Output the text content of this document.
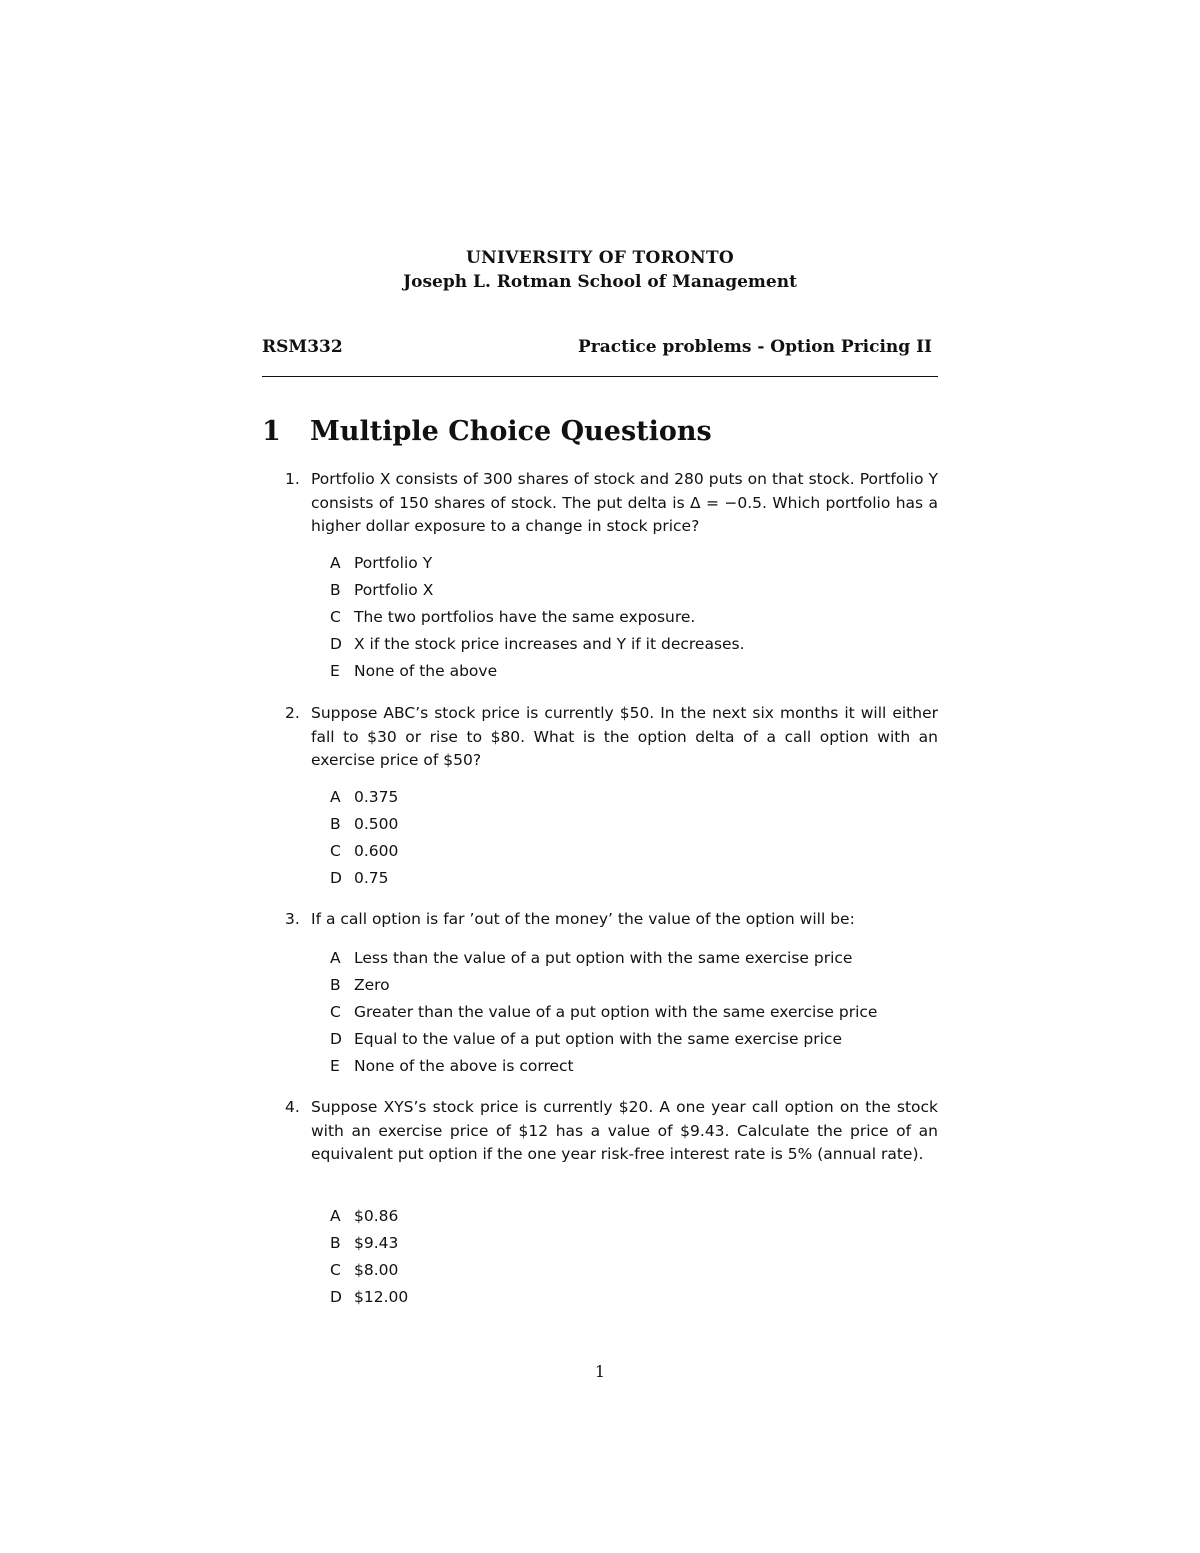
UNIVERSITY OF TORONTO
Joseph L. Rotman School of Management
RSM332	Practice problems - Option Pricing II
1 Multiple Choice Questions
1. Portfolio X consists of 300 shares of stock and 280 puts on that stock. Portfolio Y consists of 150 shares of stock. The put delta is Δ = −0.5. Which portfolio has a higher dollar exposure to a change in stock price?
A Portfolio Y
B Portfolio X
C The two portfolios have the same exposure.
D X if the stock price increases and Y if it decreases.
E None of the above
2. Suppose ABC’s stock price is currently $50. In the next six months it will either fall to $30 or rise to $80. What is the option delta of a call option with an exercise price of $50?
A 0.375
B 0.500
C 0.600
D 0.75
3. If a call option is far ’out of the money’ the value of the option will be:
A Less than the value of a put option with the same exercise price
B Zero
C Greater than the value of a put option with the same exercise price
D Equal to the value of a put option with the same exercise price
E None of the above is correct
4. Suppose XYS’s stock price is currently $20. A one year call option on the stock with an exercise price of $12 has a value of $9.43. Calculate the price of an equivalent put option if the one year risk-free interest rate is 5% (annual rate).
A $0.86
B $9.43
C $8.00
D $12.00
1
